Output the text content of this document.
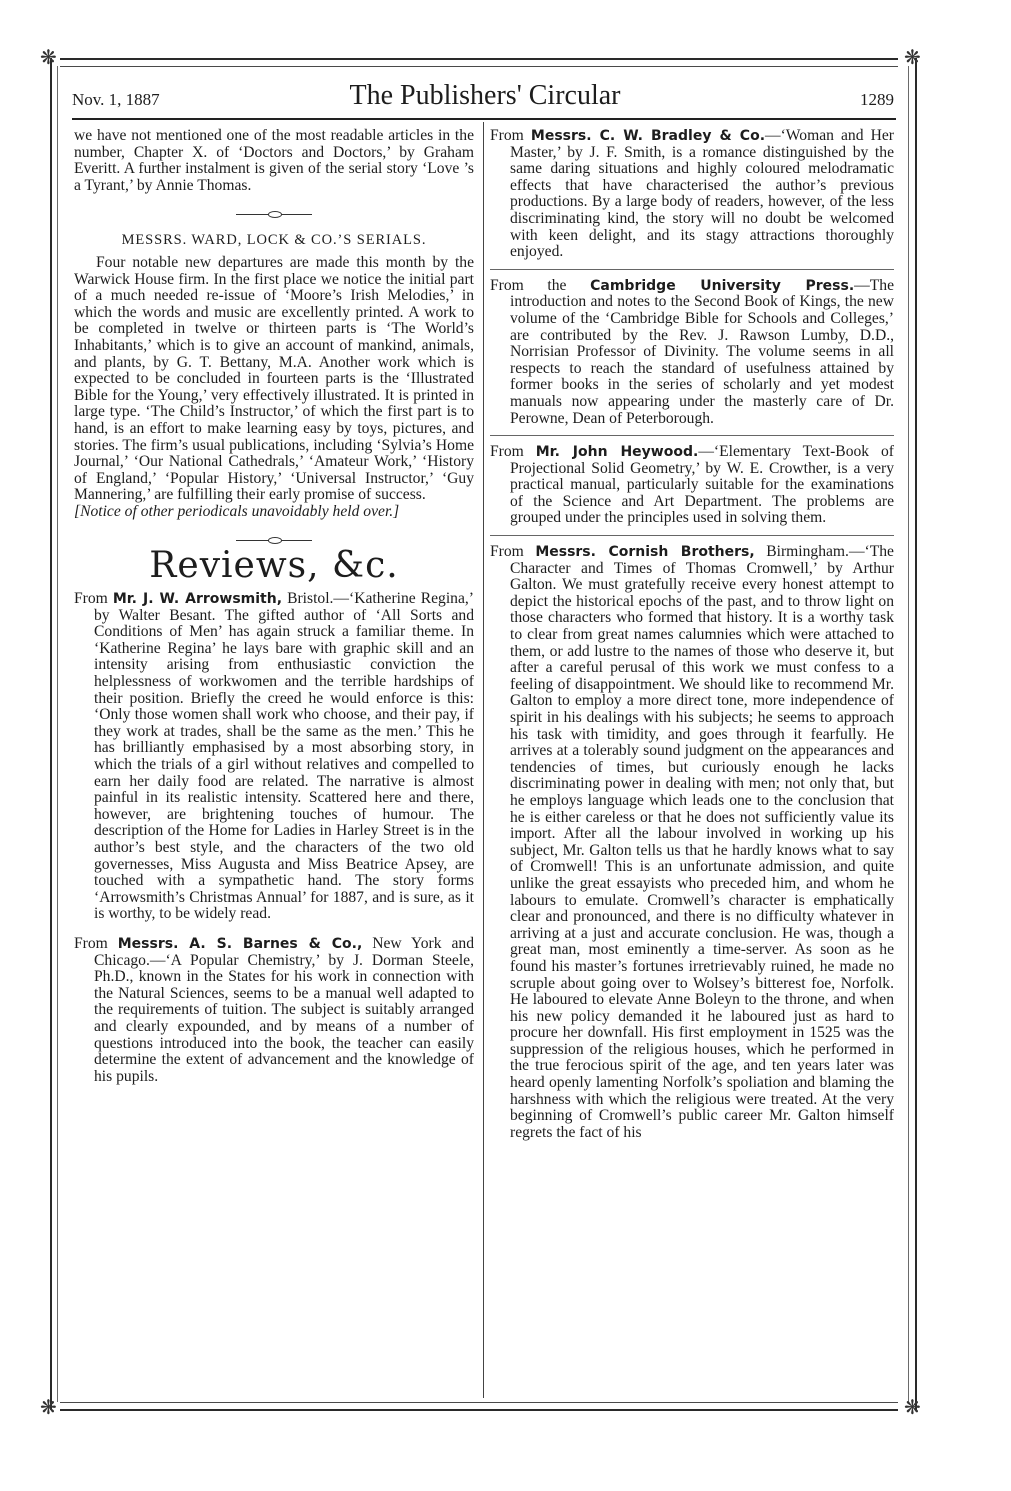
❋	❋
❋	❋
Nov. 1, 1887	The Publishers' Circular	1289

we have not mentioned one of the most readable articles in the number, Chapter X. of ‘Doctors and Doctors,’ by Graham Everitt. A further instalment is given of the serial story ‘Love ’s a Tyrant,’ by Annie Thomas.

MESSRS. WARD, LOCK & CO.’S SERIALS.

Four notable new departures are made this month by the Warwick House firm. In the first place we notice the initial part of a much needed re-issue of ‘Moore’s Irish Melodies,’ in which the words and music are excellently printed. A work to be completed in twelve or thirteen parts is ‘The World’s Inhabitants,’ which is to give an account of mankind, animals, and plants, by G. T. Bettany, M.A. Another work which is expected to be concluded in fourteen parts is the ‘Illustrated Bible for the Young,’ very effectively illustrated. It is printed in large type. ‘The Child’s Instructor,’ of which the first part is to hand, is an effort to make learning easy by toys, pictures, and stories. The firm’s usual publications, including ‘Sylvia’s Home Journal,’ ‘Our National Cathedrals,’ ‘Amateur Work,’ ‘History of England,’ ‘Popular History,’ ‘Universal Instructor,’ ‘Guy Mannering,’ are fulfilling their early promise of success.

[Notice of other periodicals unavoidably held over.]

Reviews, &c.

From Mr. J. W. Arrowsmith, Bristol.—‘Katherine Regina,’ by Walter Besant. The gifted author of ‘All Sorts and Conditions of Men’ has again struck a familiar theme. In ‘Katherine Regina’ he lays bare with graphic skill and an intensity arising from enthusiastic conviction the helplessness of workwomen and the terrible hardships of their position. Briefly the creed he would enforce is this: ‘Only those women shall work who choose, and their pay, if they work at trades, shall be the same as the men.’ This he has brilliantly emphasised by a most absorbing story, in which the trials of a girl without relatives and compelled to earn her daily food are related. The narrative is almost painful in its realistic intensity. Scattered here and there, however, are brightening touches of humour. The description of the Home for Ladies in Harley Street is in the author’s best style, and the characters of the two old governesses, Miss Augusta and Miss Beatrice Apsey, are touched with a sympathetic hand. The story forms ‘Arrowsmith’s Christmas Annual’ for 1887, and is sure, as it is worthy, to be widely read.

From Messrs. A. S. Barnes & Co., New York and Chicago.—‘A Popular Chemistry,’ by J. Dorman Steele, Ph.D., known in the States for his work in connection with the Natural Sciences, seems to be a manual well adapted to the requirements of tuition. The subject is suitably arranged and clearly expounded, and by means of a number of questions introduced into the book, the teacher can easily determine the extent of advancement and the knowledge of his pupils.

From Messrs. C. W. Bradley & Co.—‘Woman and Her Master,’ by J. F. Smith, is a romance distinguished by the same daring situations and highly coloured melodramatic effects that have characterised the author’s previous productions. By a large body of readers, however, of the less discriminating kind, the story will no doubt be welcomed with keen delight, and its stagy attractions thoroughly enjoyed.

From the Cambridge University Press.—The introduction and notes to the Second Book of Kings, the new volume of the ‘Cambridge Bible for Schools and Colleges,’ are contributed by the Rev. J. Rawson Lumby, D.D., Norrisian Professor of Divinity. The volume seems in all respects to reach the standard of usefulness attained by former books in the series of scholarly and yet modest manuals now appearing under the masterly care of Dr. Perowne, Dean of Peterborough.

From Mr. John Heywood.—‘Elementary Text-Book of Projectional Solid Geometry,’ by W. E. Crowther, is a very practical manual, particularly suitable for the examinations of the Science and Art Department. The problems are grouped under the principles used in solving them.

From Messrs. Cornish Brothers, Birmingham.—‘The Character and Times of Thomas Cromwell,’ by Arthur Galton. We must gratefully receive every honest attempt to depict the historical epochs of the past, and to throw light on those characters who formed that history. It is a worthy task to clear from great names calumnies which were attached to them, or add lustre to the names of those who deserve it, but after a careful perusal of this work we must confess to a feeling of disappointment. We should like to recommend Mr. Galton to employ a more direct tone, more independence of spirit in his dealings with his subjects; he seems to approach his task with timidity, and goes through it fearfully. He arrives at a tolerably sound judgment on the appearances and tendencies of times, but curiously enough he lacks discriminating power in dealing with men; not only that, but he employs language which leads one to the conclusion that he is either careless or that he does not sufficiently value its import. After all the labour involved in working up his subject, Mr. Galton tells us that he hardly knows what to say of Cromwell! This is an unfortunate admission, and quite unlike the great essayists who preceded him, and whom he labours to emulate. Cromwell’s character is emphatically clear and pronounced, and there is no difficulty whatever in arriving at a just and accurate conclusion. He was, though a great man, most eminently a time-server. As soon as he found his master’s fortunes irretrievably ruined, he made no scruple about going over to Wolsey’s bitterest foe, Norfolk. He laboured to elevate Anne Boleyn to the throne, and when his new policy demanded it he laboured just as hard to procure her downfall. His first employment in 1525 was the suppression of the religious houses, which he performed in the true ferocious spirit of the age, and ten years later was heard openly lamenting Norfolk’s spoliation and blaming the harshness with which the religious were treated. At the very beginning of Cromwell’s public career Mr. Galton himself regrets the fact of his
